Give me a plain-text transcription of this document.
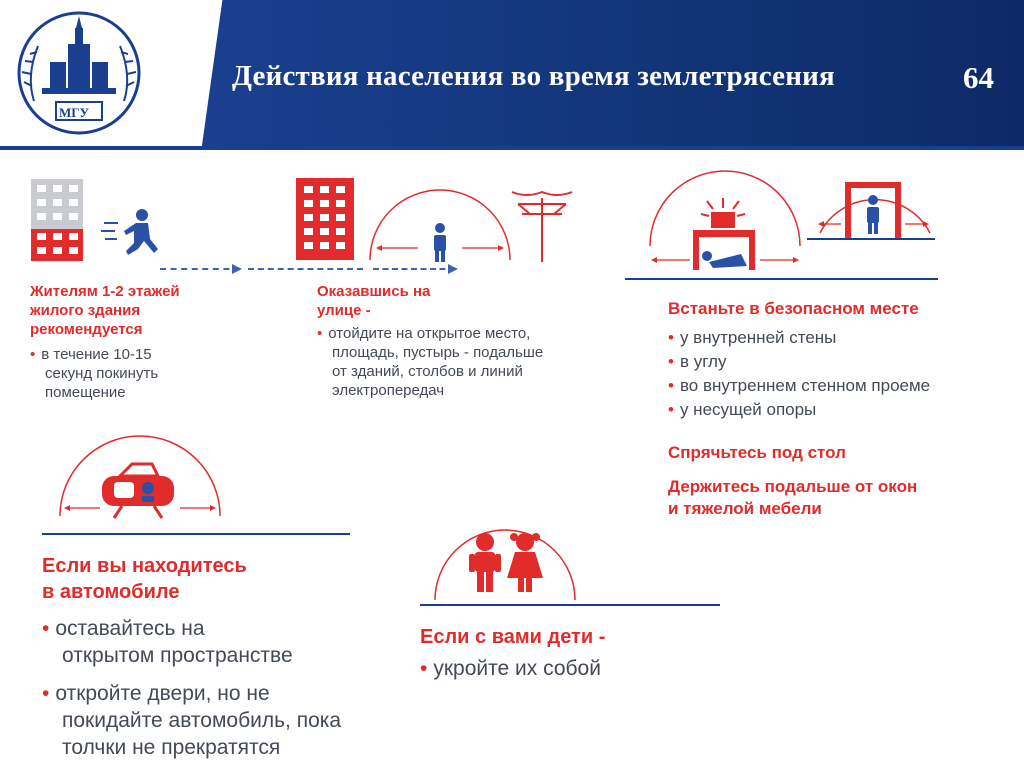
МГУ
Действия населения во время землетрясения	64
Жителям 1-2 этажей
жилого здания
рекомендуется
• в течение 10-15
секунд покинуть
помещение
Оказавшись на
улице -
• отойдите на открытое место,
площадь, пустырь - подальше
от зданий, столбов и линий
электропередач
Встаньте в безопасном месте
• у внутренней стены
• в углу
• во внутреннем стенном проеме
• у несущей опоры
Спрячьтесь под стол
Держитесь подальше от окон
и тяжелой мебели
Если вы находитесь
в автомобиле
• оставайтесь на
открытом пространстве
• откройте двери, но не
покидайте автомобиль, пока
толчки не прекратятся
Если с вами дети -
• укройте их собой
